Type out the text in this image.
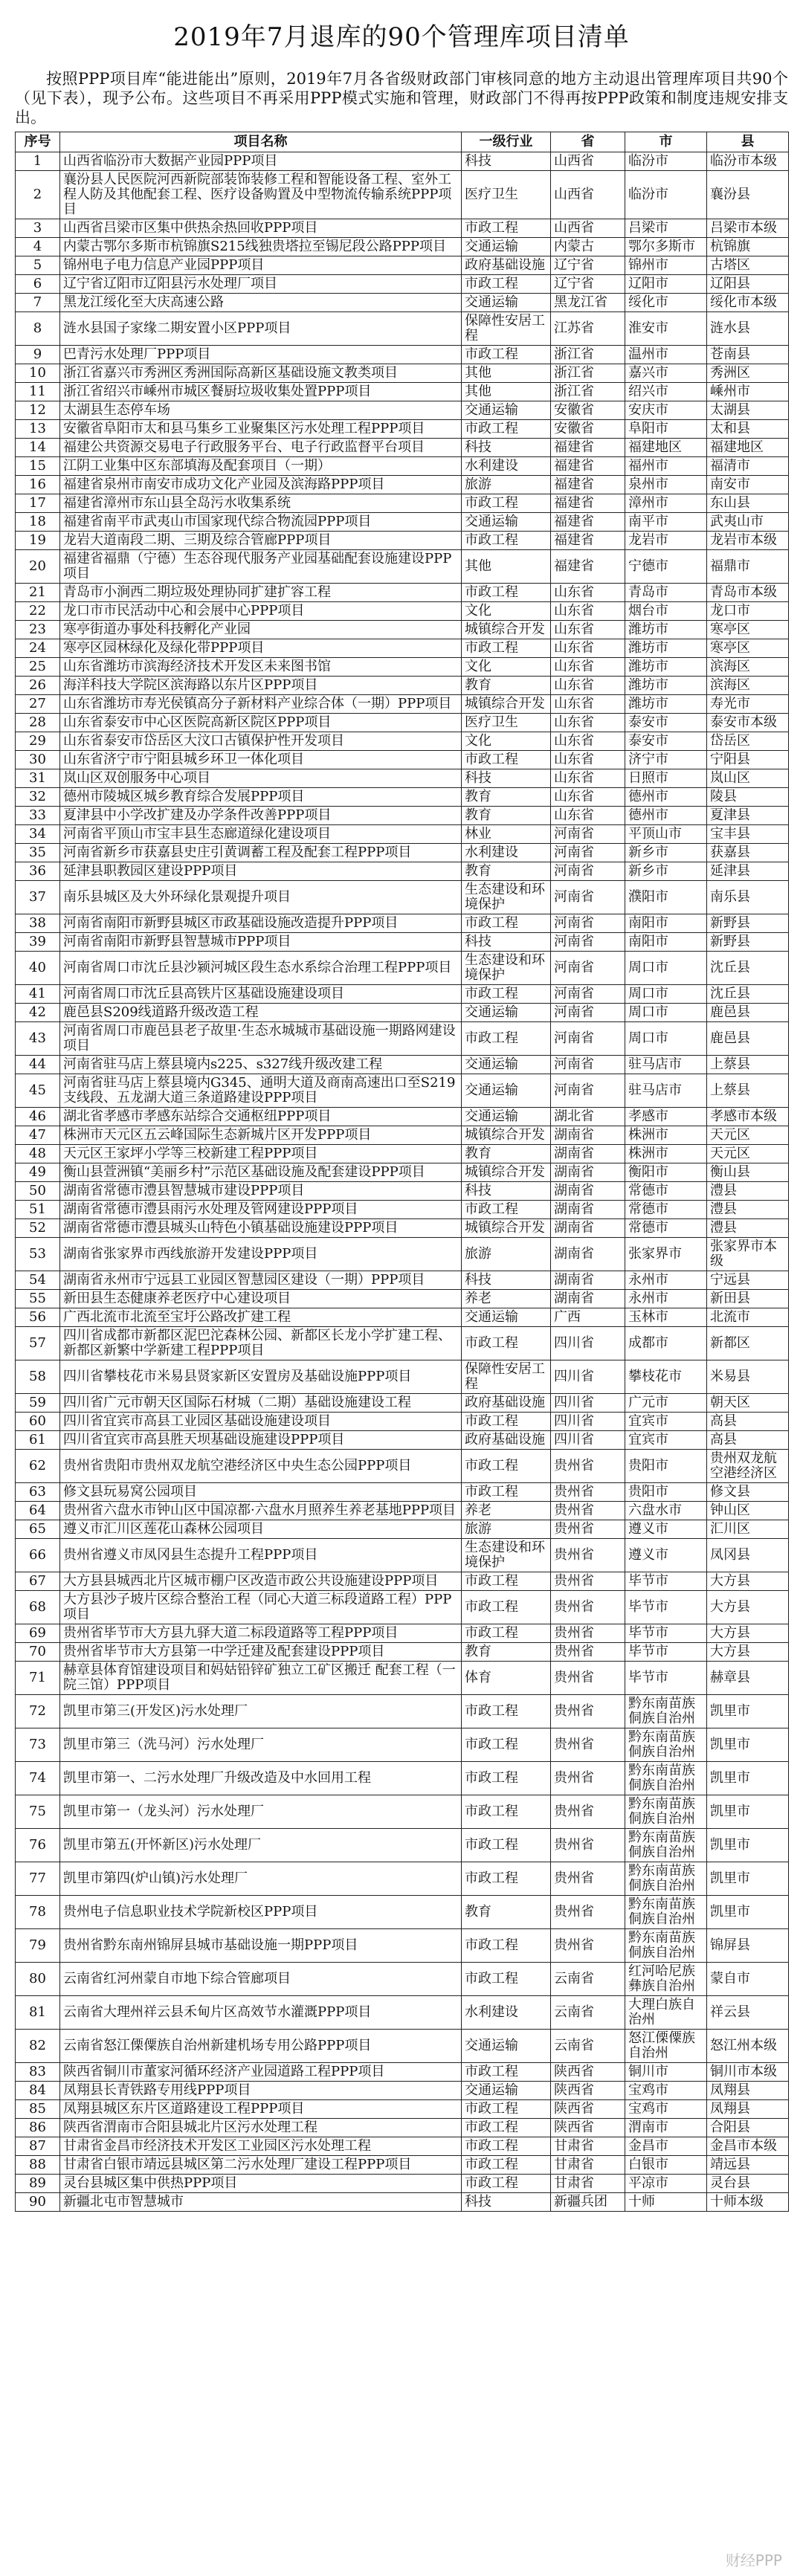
2019年7月退库的90个管理库项目清单

按照PPP项目库“能进能出”原则，2019年7月各省级财政部门审核同意的地方主动退出管理库项目共90个（见下表），现予公布。这些项目不再采用PPP模式实施和管理，财政部门不得再按PPP政策和制度违规安排支出。

序号	项目名称	一级行业	省	市	县
1	山西省临汾市大数据产业园PPP项目	科技	山西省	临汾市	临汾市本级
2	襄汾县人民医院河西新院部装饰装修工程和智能设备工程、室外工程人防及其他配套工程、医疗设备购置及中型物流传输系统PPP项目	医疗卫生	山西省	临汾市	襄汾县
3	山西省吕梁市区集中供热余热回收PPP项目	市政工程	山西省	吕梁市	吕梁市本级
4	内蒙古鄂尔多斯市杭锦旗S215线独贵塔拉至锡尼段公路PPP项目	交通运输	内蒙古	鄂尔多斯市	杭锦旗
5	锦州电子电力信息产业园PPP项目	政府基础设施	辽宁省	锦州市	古塔区
6	辽宁省辽阳市辽阳县污水处理厂项目	市政工程	辽宁省	辽阳市	辽阳县
7	黑龙江绥化至大庆高速公路	交通运输	黑龙江省	绥化市	绥化市本级
8	涟水县国子家缘二期安置小区PPP项目	保障性安居工程	江苏省	淮安市	涟水县
9	巴青污水处理厂PPP项目	市政工程	浙江省	温州市	苍南县
10	浙江省嘉兴市秀洲区秀洲国际高新区基础设施文教类项目	其他	浙江省	嘉兴市	秀洲区
11	浙江省绍兴市嵊州市城区餐厨垃圾收集处置PPP项目	其他	浙江省	绍兴市	嵊州市
12	太湖县生态停车场	交通运输	安徽省	安庆市	太湖县
13	安徽省阜阳市太和县马集乡工业聚集区污水处理工程PPP项目	市政工程	安徽省	阜阳市	太和县
14	福建公共资源交易电子行政服务平台、电子行政监督平台项目	科技	福建省	福建地区	福建地区
15	江阴工业集中区东部填海及配套项目（一期）	水利建设	福建省	福州市	福清市
16	福建省泉州市南安市成功文化产业园及滨海路PPP项目	旅游	福建省	泉州市	南安市
17	福建省漳州市东山县全岛污水收集系统	市政工程	福建省	漳州市	东山县
18	福建省南平市武夷山市国家现代综合物流园PPP项目	交通运输	福建省	南平市	武夷山市
19	龙岩大道南段二期、三期及综合管廊PPP项目	市政工程	福建省	龙岩市	龙岩市本级
20	福建省福鼎（宁德）生态谷现代服务产业园基础配套设施建设PPP项目	其他	福建省	宁德市	福鼎市
21	青岛市小涧西二期垃圾处理协同扩建扩容工程	市政工程	山东省	青岛市	青岛市本级
22	龙口市市民活动中心和会展中心PPP项目	文化	山东省	烟台市	龙口市
23	寒亭街道办事处科技孵化产业园	城镇综合开发	山东省	潍坊市	寒亭区
24	寒亭区园林绿化及绿化带PPP项目	市政工程	山东省	潍坊市	寒亭区
25	山东省潍坊市滨海经济技术开发区未来图书馆	文化	山东省	潍坊市	滨海区
26	海洋科技大学院区滨海路以东片区PPP项目	教育	山东省	潍坊市	滨海区
27	山东省潍坊市寿光侯镇高分子新材料产业综合体（一期）PPP项目	城镇综合开发	山东省	潍坊市	寿光市
28	山东省泰安市中心区医院高新区院区PPP项目	医疗卫生	山东省	泰安市	泰安市本级
29	山东省泰安市岱岳区大汶口古镇保护性开发项目	文化	山东省	泰安市	岱岳区
30	山东省济宁市宁阳县城乡环卫一体化项目	市政工程	山东省	济宁市	宁阳县
31	岚山区双创服务中心项目	科技	山东省	日照市	岚山区
32	德州市陵城区城乡教育综合发展PPP项目	教育	山东省	德州市	陵县
33	夏津县中小学改扩建及办学条件改善PPP项目	教育	山东省	德州市	夏津县
34	河南省平顶山市宝丰县生态廊道绿化建设项目	林业	河南省	平顶山市	宝丰县
35	河南省新乡市获嘉县史庄引黄调蓄工程及配套工程PPP项目	水利建设	河南省	新乡市	获嘉县
36	延津县职教园区建设PPP项目	教育	河南省	新乡市	延津县
37	南乐县城区及大外环绿化景观提升项目	生态建设和环境保护	河南省	濮阳市	南乐县
38	河南省南阳市新野县城区市政基础设施改造提升PPP项目	市政工程	河南省	南阳市	新野县
39	河南省南阳市新野县智慧城市PPP项目	科技	河南省	南阳市	新野县
40	河南省周口市沈丘县沙颍河城区段生态水系综合治理工程PPP项目	生态建设和环境保护	河南省	周口市	沈丘县
41	河南省周口市沈丘县高铁片区基础设施建设项目	市政工程	河南省	周口市	沈丘县
42	鹿邑县S209线道路升级改造工程	交通运输	河南省	周口市	鹿邑县
43	河南省周口市鹿邑县老子故里·生态水城城市基础设施一期路网建设项目	市政工程	河南省	周口市	鹿邑县
44	河南省驻马店上蔡县境内s225、s327线升级改建工程	交通运输	河南省	驻马店市	上蔡县
45	河南省驻马店上蔡县境内G345、通明大道及商南高速出口至S219支线段、五龙湖大道三条道路建设PPP项目	交通运输	河南省	驻马店市	上蔡县
46	湖北省孝感市孝感东站综合交通枢纽PPP项目	交通运输	湖北省	孝感市	孝感市本级
47	株洲市天元区五云峰国际生态新城片区开发PPP项目	城镇综合开发	湖南省	株洲市	天元区
48	天元区王家坪小学等三校新建工程PPP项目	教育	湖南省	株洲市	天元区
49	衡山县萱洲镇“美丽乡村”示范区基础设施及配套建设PPP项目	城镇综合开发	湖南省	衡阳市	衡山县
50	湖南省常德市澧县智慧城市建设PPP项目	科技	湖南省	常德市	澧县
51	湖南省常德市澧县雨污水处理及管网建设PPP项目	市政工程	湖南省	常德市	澧县
52	湖南省常德市澧县城头山特色小镇基础设施建设PPP项目	城镇综合开发	湖南省	常德市	澧县
53	湖南省张家界市西线旅游开发建设PPP项目	旅游	湖南省	张家界市	张家界市本级
54	湖南省永州市宁远县工业园区智慧园区建设（一期）PPP项目	科技	湖南省	永州市	宁远县
55	新田县生态健康养老医疗中心建设项目	养老	湖南省	永州市	新田县
56	广西北流市北流至宝圩公路改扩建工程	交通运输	广西	玉林市	北流市
57	四川省成都市新都区泥巴沱森林公园、新都区长龙小学扩建工程、新都区新繁中学新建工程PPP项目	市政工程	四川省	成都市	新都区
58	四川省攀枝花市米易县贤家新区安置房及基础设施PPP项目	保障性安居工程	四川省	攀枝花市	米易县
59	四川省广元市朝天区国际石材城（二期）基础设施建设工程	政府基础设施	四川省	广元市	朝天区
60	四川省宜宾市高县工业园区基础设施建设项目	市政工程	四川省	宜宾市	高县
61	四川省宜宾市高县胜天坝基础设施建设PPP项目	政府基础设施	四川省	宜宾市	高县
62	贵州省贵阳市贵州双龙航空港经济区中央生态公园PPP项目	市政工程	贵州省	贵阳市	贵州双龙航空港经济区
63	修文县玩易窝公园项目	市政工程	贵州省	贵阳市	修文县
64	贵州省六盘水市钟山区中国凉都·六盘水月照养生养老基地PPP项目	养老	贵州省	六盘水市	钟山区
65	遵义市汇川区莲花山森林公园项目	旅游	贵州省	遵义市	汇川区
66	贵州省遵义市凤冈县生态提升工程PPP项目	生态建设和环境保护	贵州省	遵义市	凤冈县
67	大方县县城西北片区城市棚户区改造市政公共设施建设PPP项目	市政工程	贵州省	毕节市	大方县
68	大方县沙子坡片区综合整治工程（同心大道三标段道路工程）PPP项目	市政工程	贵州省	毕节市	大方县
69	贵州省毕节市大方县九驿大道二标段道路等工程PPP项目	市政工程	贵州省	毕节市	大方县
70	贵州省毕节市大方县第一中学迁建及配套建设PPP项目	教育	贵州省	毕节市	大方县
71	赫章县体育馆建设项目和妈姑铅锌矿独立工矿区搬迁 配套工程（一院三馆）PPP项目	体育	贵州省	毕节市	赫章县
72	凯里市第三(开发区)污水处理厂	市政工程	贵州省	黔东南苗族侗族自治州	凯里市
73	凯里市第三（洗马河）污水处理厂	市政工程	贵州省	黔东南苗族侗族自治州	凯里市
74	凯里市第一、二污水处理厂升级改造及中水回用工程	市政工程	贵州省	黔东南苗族侗族自治州	凯里市
75	凯里市第一（龙头河）污水处理厂	市政工程	贵州省	黔东南苗族侗族自治州	凯里市
76	凯里市第五(开怀新区)污水处理厂	市政工程	贵州省	黔东南苗族侗族自治州	凯里市
77	凯里市第四(炉山镇)污水处理厂	市政工程	贵州省	黔东南苗族侗族自治州	凯里市
78	贵州电子信息职业技术学院新校区PPP项目	教育	贵州省	黔东南苗族侗族自治州	凯里市
79	贵州省黔东南州锦屏县城市基础设施一期PPP项目	市政工程	贵州省	黔东南苗族侗族自治州	锦屏县
80	云南省红河州蒙自市地下综合管廊项目	市政工程	云南省	红河哈尼族彝族自治州	蒙自市
81	云南省大理州祥云县禾甸片区高效节水灌溉PPP项目	水利建设	云南省	大理白族自治州	祥云县
82	云南省怒江傈僳族自治州新建机场专用公路PPP项目	交通运输	云南省	怒江傈僳族自治州	怒江州本级
83	陕西省铜川市董家河循环经济产业园道路工程PPP项目	市政工程	陕西省	铜川市	铜川市本级
84	凤翔县长青铁路专用线PPP项目	交通运输	陕西省	宝鸡市	凤翔县
85	凤翔县城区东片区道路建设工程PPP项目	市政工程	陕西省	宝鸡市	凤翔县
86	陕西省渭南市合阳县城北片区污水处理工程	市政工程	陕西省	渭南市	合阳县
87	甘肃省金昌市经济技术开发区工业园区污水处理工程	市政工程	甘肃省	金昌市	金昌市本级
88	甘肃省白银市靖远县城区第二污水处理厂建设工程PPP项目	市政工程	甘肃省	白银市	靖远县
89	灵台县城区集中供热PPP项目	市政工程	甘肃省	平凉市	灵台县
90	新疆北屯市智慧城市	科技	新疆兵团	十师	十师本级
财经PPP
